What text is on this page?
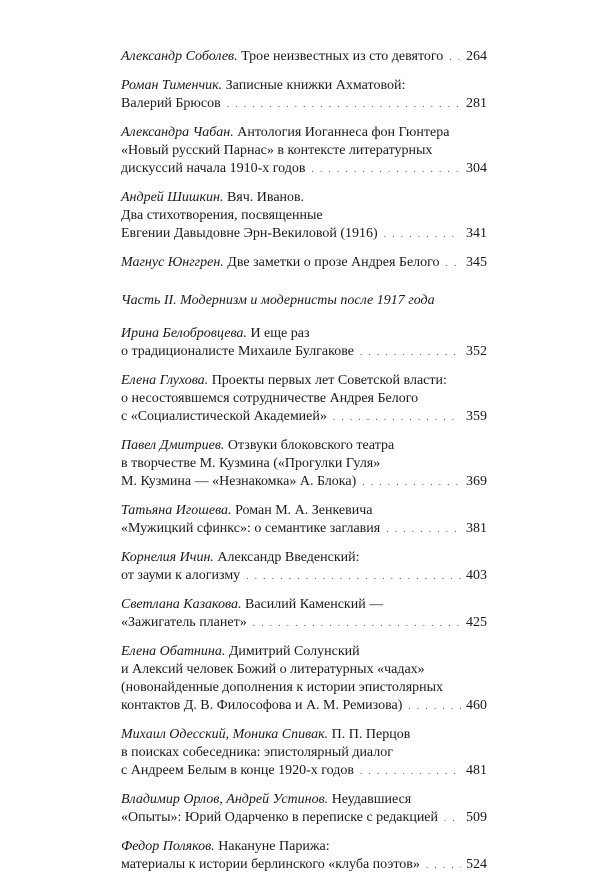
Александр Соболев. Трое неизвестных из сто девятого . . . 264
Роман Тименчик. Записные книжки Ахматовой:
Валерий Брюсов . . .	281
Александра Чабан. Антология Иоганнеса фон Гюнтера
«Новый русский Парнас» в контексте литературных
дискуссий начала 1910-х годов . . .	304
Андрей Шишкин. Вяч. Иванов.
Два стихотворения, посвященные
Евгении Давыдовне Эрн-Векиловой (1916) . . .	341
Магнус Юнггрен. Две заметки о прозе Андрея Белого . . . 345
Часть II. Модернизм и модернисты после 1917 года
Ирина Белобровцева. И еще раз
о традиционалисте Михаиле Булгакове . . .	352
Елена Глухова. Проекты первых лет Советской власти:
о несостоявшемся сотрудничестве Андрея Белого
с «Социалистической Академией» . . .	359
Павел Дмитриев. Отзвуки блоковского театра
в творчестве М. Кузмина («Прогулки Гуля»
М. Кузмина — «Незнакомка» А. Блока) . . .	369
Татьяна Игошева. Роман М. А. Зенкевича
«Мужицкий сфинкс»: о семантике заглавия . . .	381
Корнелия Ичин. Александр Введенский:
от зауми к алогизму . . .	403
Светлана Казакова. Василий Каменский —
«Зажигатель планет» . . .	425
Елена Обатнина. Димитрий Солунский
и Алексий человек Божий о литературных «чадах»
(новонайденные дополнения к истории эпистолярных
контактов Д. В. Философова и А. М. Ремизова) . . .	460
Михаил Одесский, Моника Спивак. П. П. Перцов
в поисках собеседника: эпистолярный диалог
с Андреем Белым в конце 1920-х годов . . .	481
Владимир Орлов, Андрей Устинов. Неудавшиеся
«Опыты»: Юрий Одарченко в переписке с редакцией . . . 509
Федор Поляков. Накануне Парижа:
материалы к истории берлинского «клуба поэтов» . . .	524
